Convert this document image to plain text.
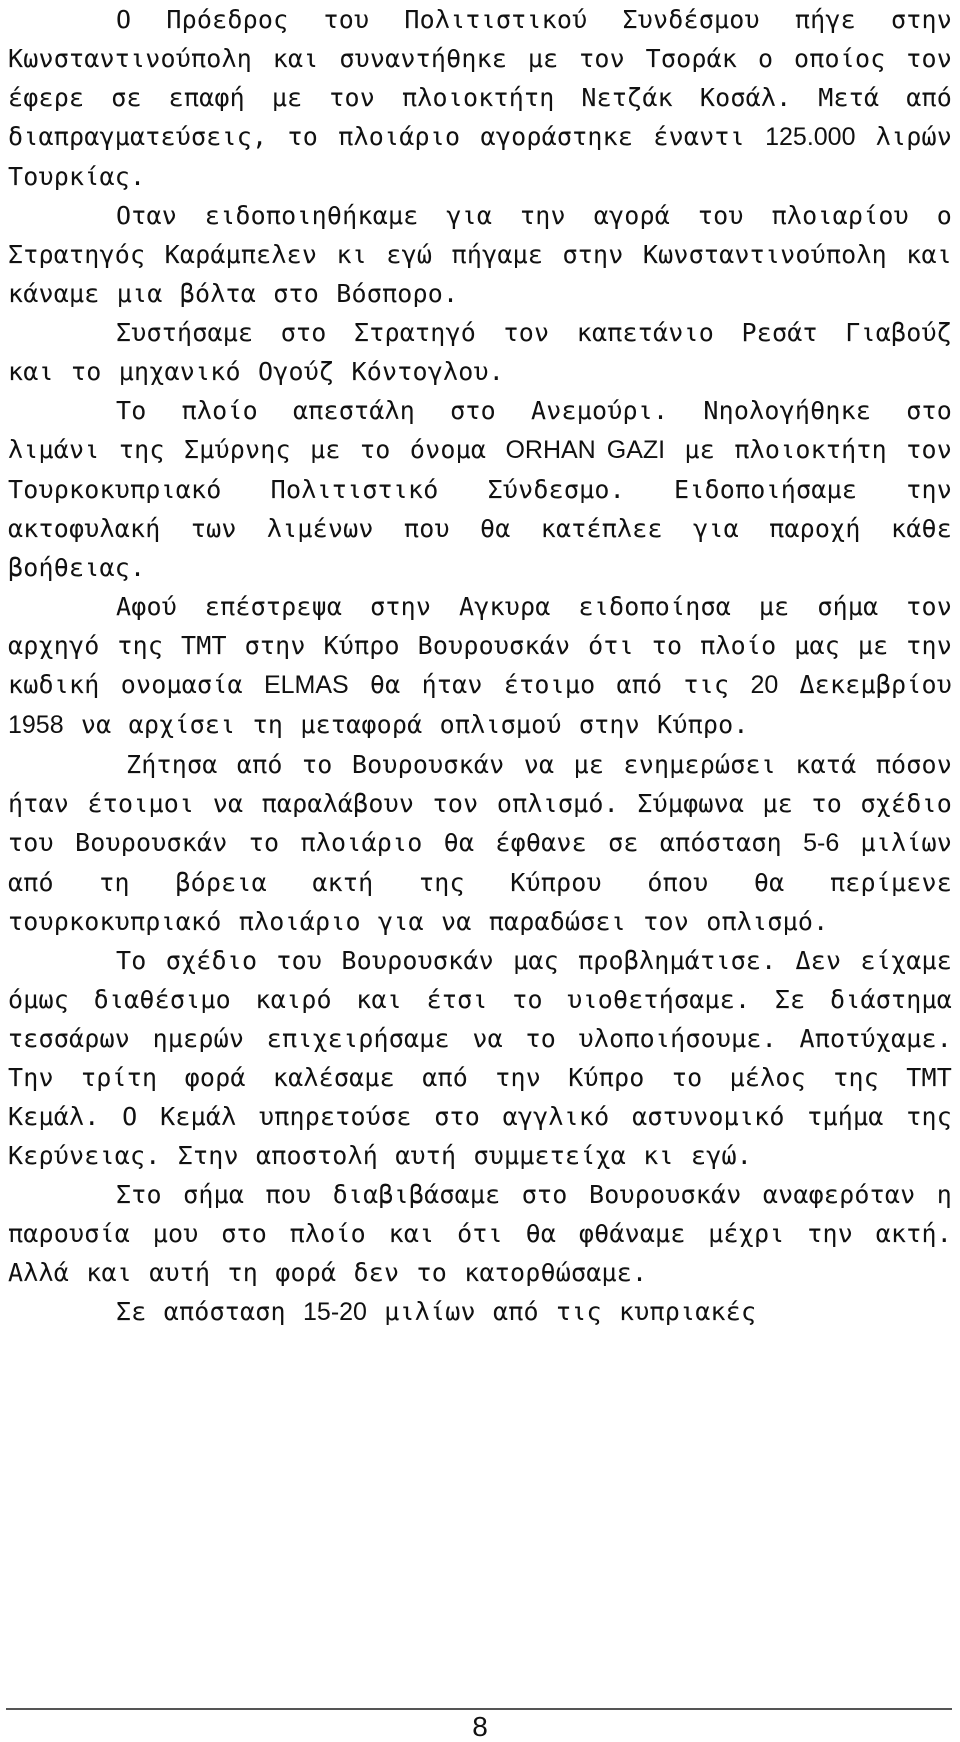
Ο Πρόεδρος του Πολιτιστικού Συνδέσμου πήγε στην Κωνσταντινούπολη και συναντήθηκε με τον Τσοράκ ο οποίος τον έφερε σε επαφή με τον πλοιοκτήτη Νετζάκ Κοσάλ. Μετά από διαπραγματεύσεις, το πλοιάριο αγοράστηκε έναντι 125.000 λιρών Τουρκίας.

Οταν ειδοποιηθήκαμε για την αγορά του πλοιαρίου ο Στρατηγός Καράμπελεν κι εγώ πήγαμε στην Κωνσταντινούπολη και κάναμε μια βόλτα στο Βόσπορο.

Συστήσαμε στο Στρατηγό τον καπετάνιο Ρεσάτ Γιαβούζ και το μηχανικό Ογούζ Κόντογλου.

Το πλοίο απεστάλη στο Ανεμούρι. Νηολογήθηκε στο λιμάνι της Σμύρνης με το όνομα ORHAN GAZI με πλοιοκτήτη τον Τουρκοκυπριακό Πολιτιστικό Σύνδεσμο. Ειδοποιήσαμε την ακτοφυλακή των λιμένων που θα κατέπλεε για παροχή κάθε βοήθειας.

Αφού επέστρεψα στην Αγκυρα ειδοποίησα με σήμα τον αρχηγό της ΤΜΤ στην Κύπρο Βουρουσκάν ότι το πλοίο μας με την κωδική ονομασία ELMAS θα ήταν έτοιμο από τις 20 Δεκεμβρίου 1958 να αρχίσει τη μεταφορά οπλισμού στην Κύπρο.

Ζήτησα από το Βουρουσκάν να με ενημερώσει κατά πόσον ήταν έτοιμοι να παραλάβουν τον οπλισμό. Σύμφωνα με το σχέδιο του Βουρουσκάν το πλοιάριο θα έφθανε σε απόσταση 5-6 μιλίων από τη βόρεια ακτή της Κύπρου όπου θα περίμενε τουρκοκυπριακό πλοιάριο για να παραδώσει τον οπλισμό.

Το σχέδιο του Βουρουσκάν μας προβλημάτισε. Δεν είχαμε όμως διαθέσιμο καιρό και έτσι το υιοθετήσαμε. Σε διάστημα τεσσάρων ημερών επιχειρήσαμε να το υλοποιήσουμε. Αποτύχαμε. Την τρίτη φορά καλέσαμε από την Κύπρο το μέλος της ΤΜΤ Κεμάλ. Ο Κεμάλ υπηρετούσε στο αγγλικό αστυνομικό τμήμα της Κερύνειας. Στην αποστολή αυτή συμμετείχα κι εγώ.

Στο σήμα που διαβιβάσαμε στο Βουρουσκάν αναφερόταν η παρουσία μου στο πλοίο και ότι θα φθάναμε μέχρι την ακτή. Αλλά και αυτή τη φορά δεν το κατορθώσαμε.

Σε απόσταση 15-20 μιλίων από τις κυπριακές

8
